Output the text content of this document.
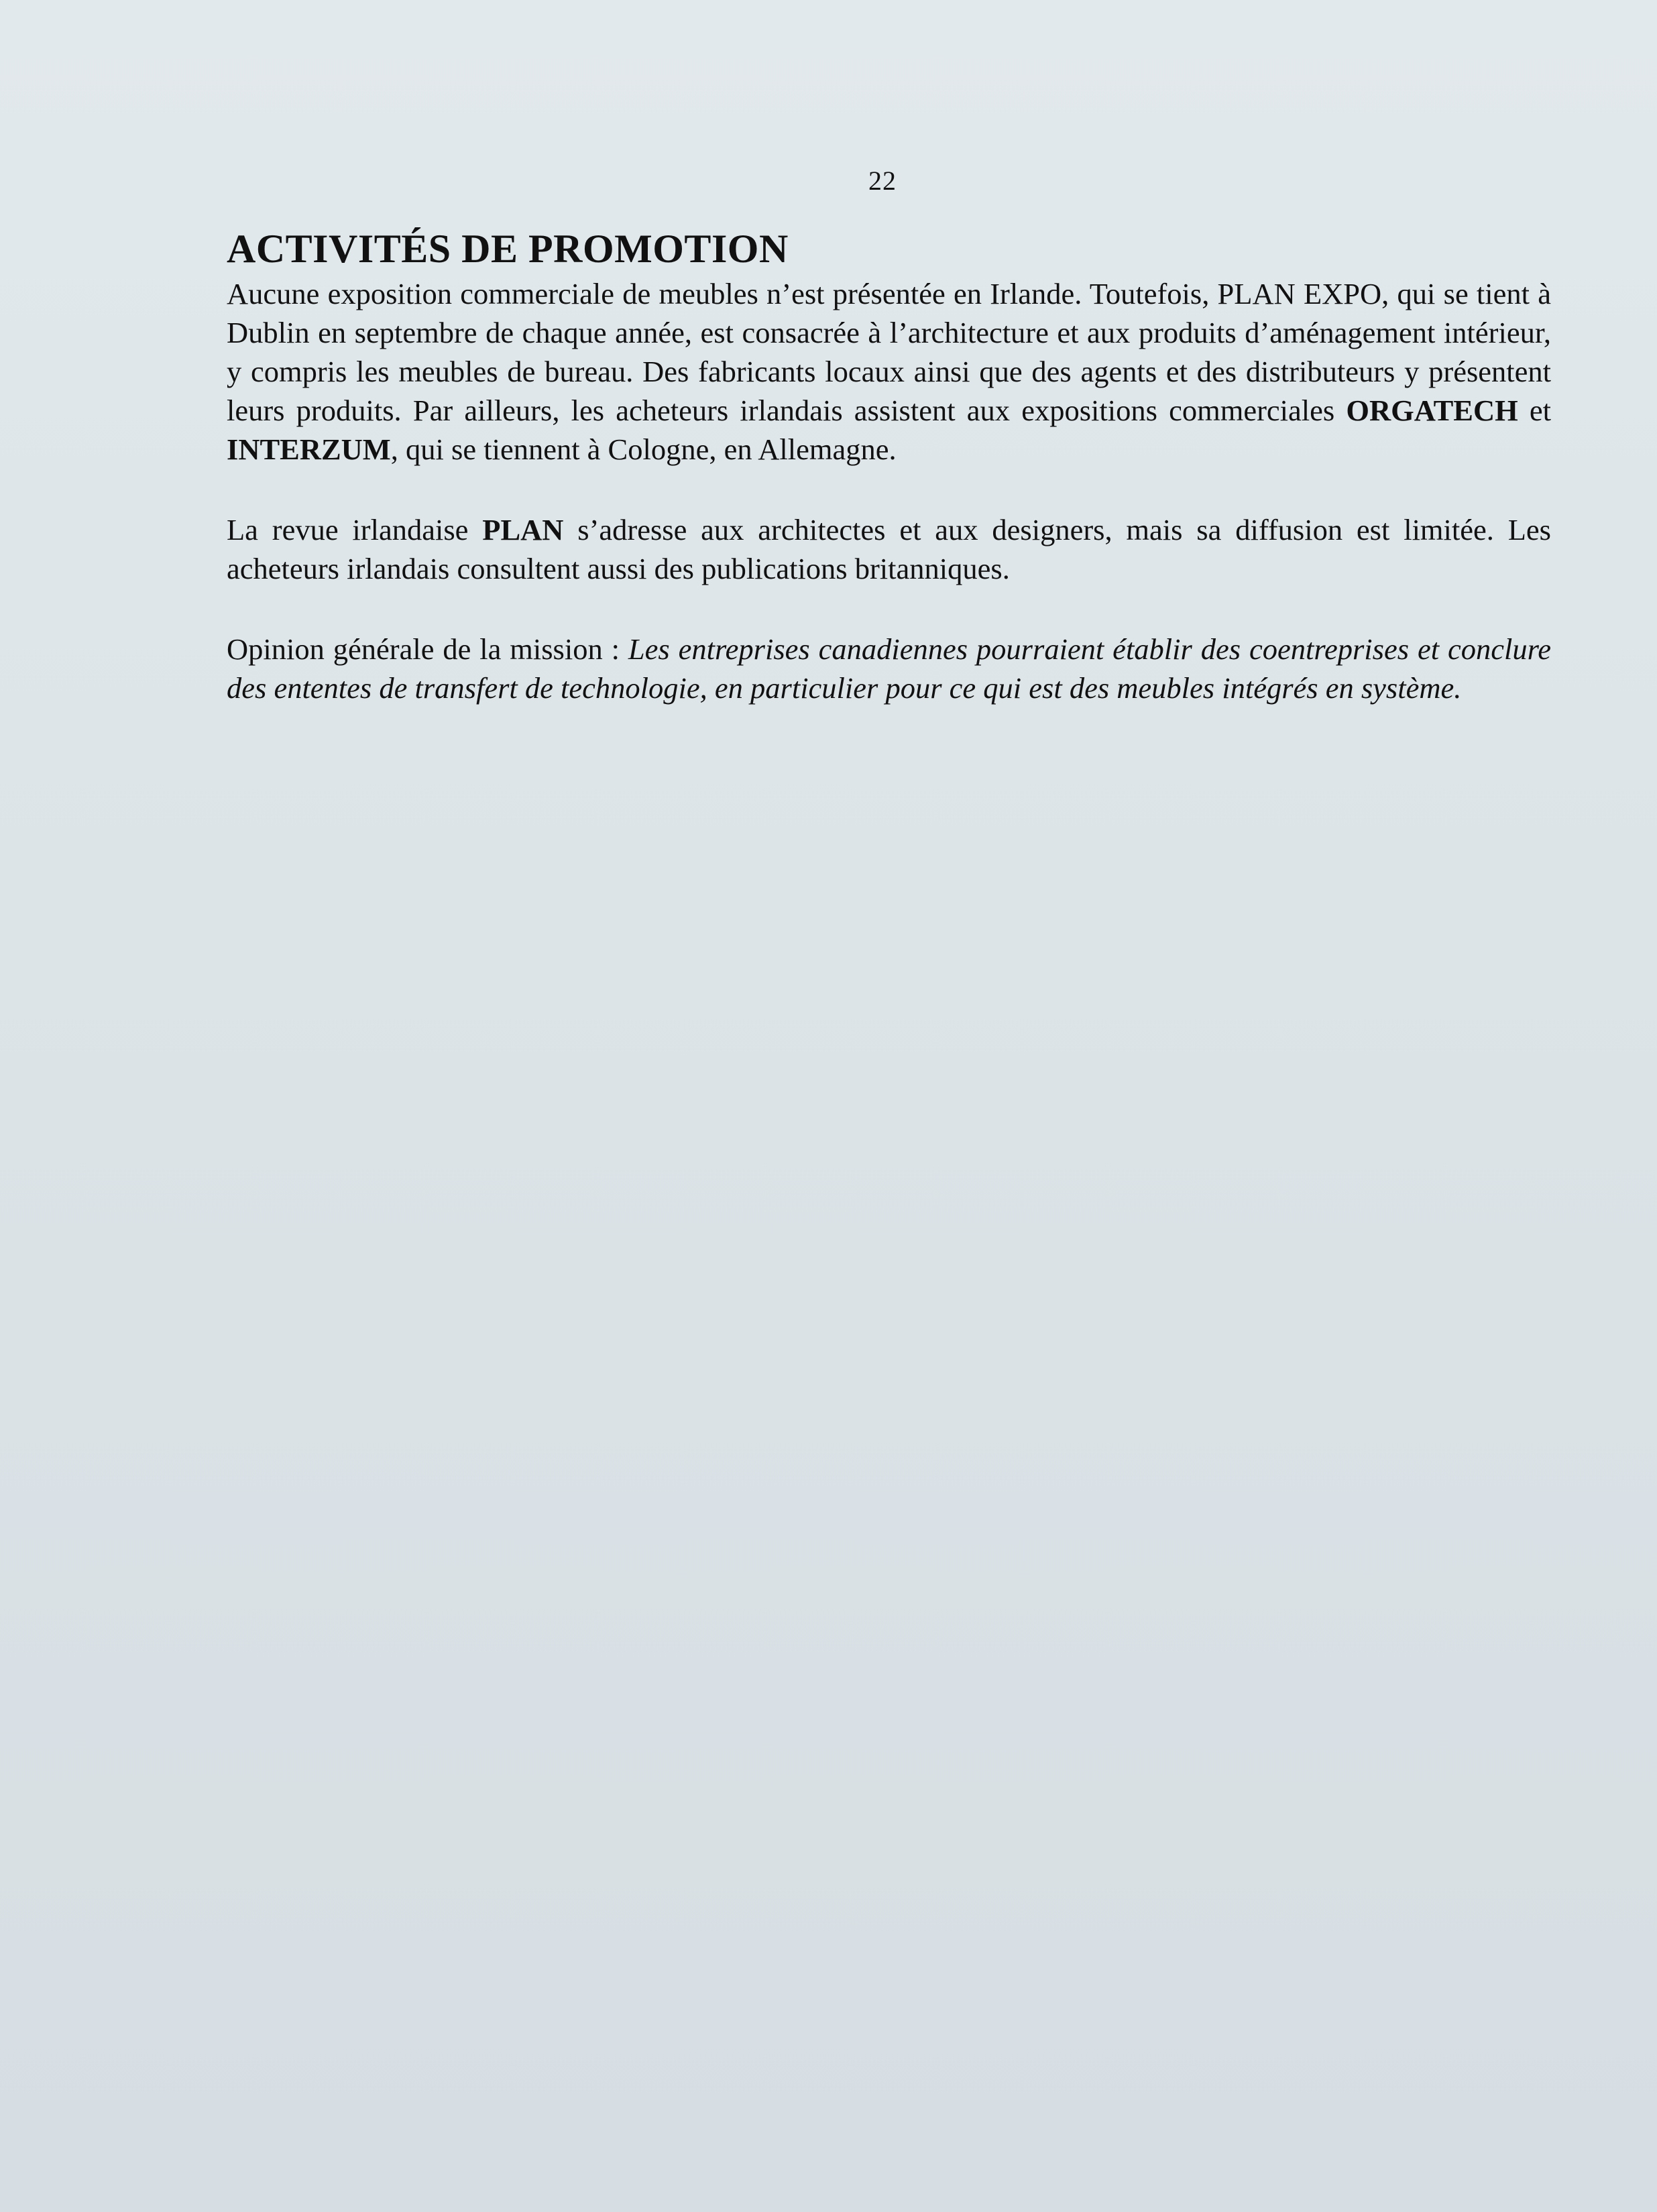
22
ACTIVITÉS DE PROMOTION

Aucune exposition commerciale de meubles n’est présentée en Irlande. Toutefois, PLAN EXPO, qui se tient à Dublin en septembre de chaque année, est consacrée à l’architecture et aux produits d’aménagement intérieur, y compris les meubles de bureau. Des fabricants locaux ainsi que des agents et des distributeurs y présentent leurs produits. Par ailleurs, les acheteurs irlandais assistent aux expositions commerciales ORGATECH et INTERZUM, qui se tiennent à Cologne, en Allemagne.

La revue irlandaise PLAN s’adresse aux architectes et aux designers, mais sa diffusion est limitée. Les acheteurs irlandais consultent aussi des publications britanniques.

Opinion générale de la mission : Les entreprises canadiennes pourraient établir des coentreprises et conclure des ententes de transfert de technologie, en particulier pour ce qui est des meubles intégrés en système.
